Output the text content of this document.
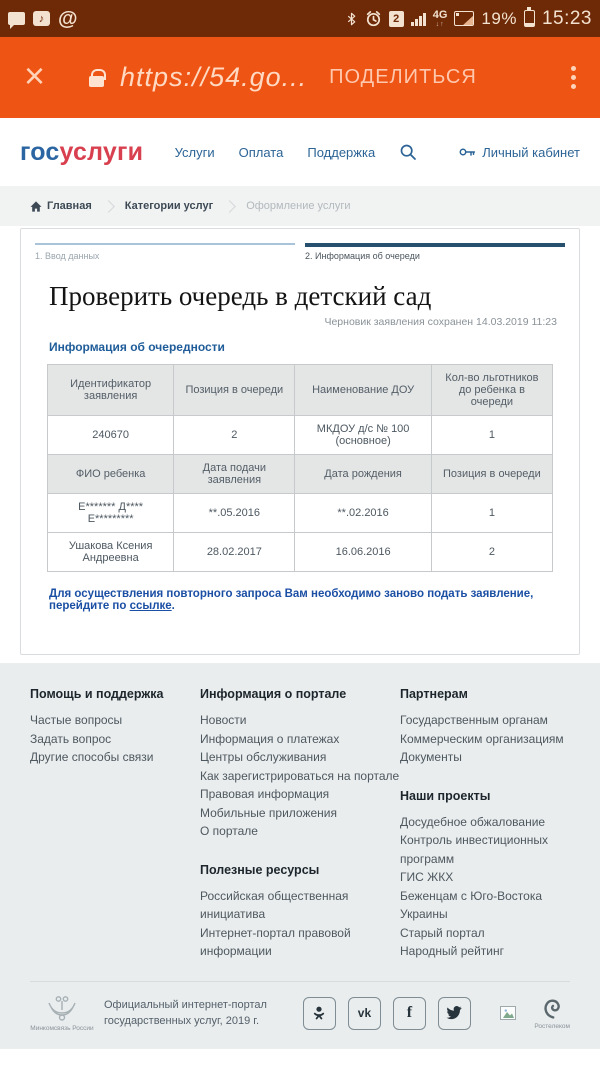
♪ @	2	4G
↓↑ 19% 15:23
×	https://54.go... ПОДЕЛИТЬСЯ
госуслуги Услуги Оплата Поддержка	Личный кабинет
Главная	Категории услуг	Оформление услуги
1. Ввод данных	2. Информация об очереди
Проверить очередь в детский сад
Черновик заявления сохранен 14.03.2019 11:23
Информация об очередности
Идентификатор заявления	Позиция в очереди	Наименование ДОУ	Кол-во льготников до ребенка в очереди
240670	2	МКДОУ д/с № 100 (основное)	1
ФИО ребенка	Дата подачи заявления	Дата рождения	Позиция в очереди
Е******* Д**** Е*********	**.05.2016	**.02.2016	1
Ушакова Ксения Андреевна	28.02.2017	16.06.2016	2
Для осуществления повторного запроса Вам необходимо заново подать заявление, перейдите по ссылке.
Помощь и поддержка
Частые вопросы
Задать вопрос
Другие способы связи
Информация о портале
Новости
Информация о платежах
Центры обслуживания
Как зарегистрироваться на портале
Правовая информация
Мобильные приложения
О портале
Полезные ресурсы
Российская общественная инициатива
Интернет-портал правовой информации
Партнерам
Государственным органам
Коммерческим организациям
Документы
Наши проекты
Досудебное обжалование
Контроль инвестиционных программ
ГИС ЖКХ
Беженцам с Юго-Востока Украины
Старый портал
Народный рейтинг
Минкомсвязь России
Официальный интернет-портал
государственных услуг, 2019 г.
vk f
Ростелеком
